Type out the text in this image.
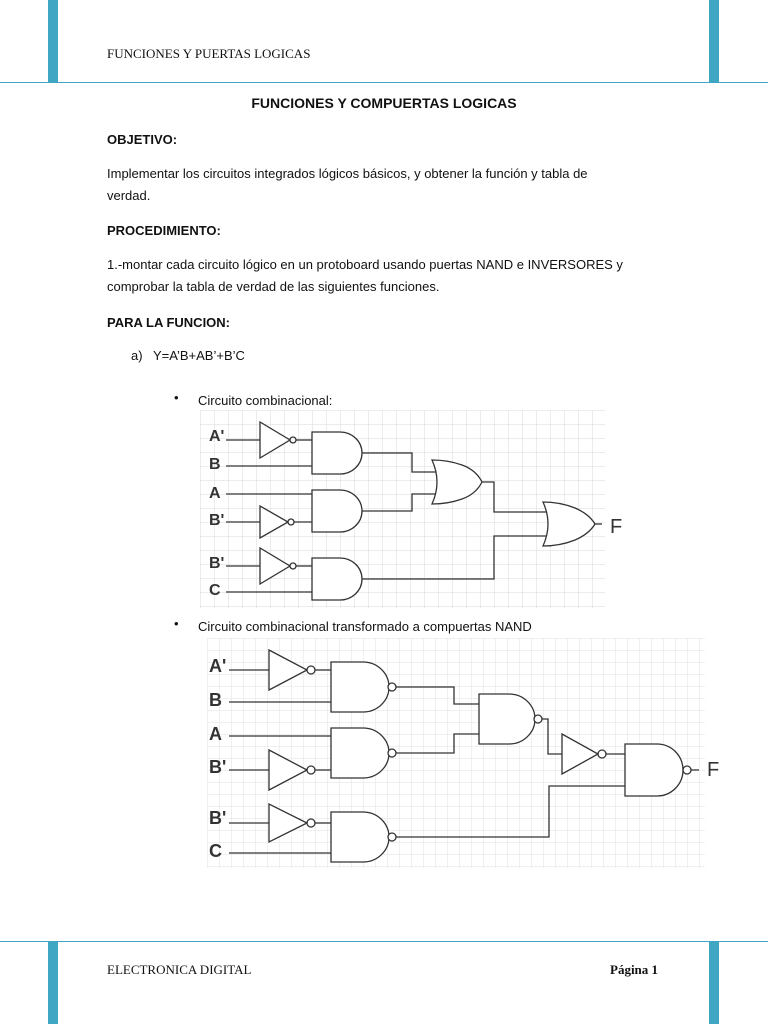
FUNCIONES Y PUERTAS LOGICAS
FUNCIONES Y COMPUERTAS LOGICAS
OBJETIVO:
Implementar los circuitos integrados lógicos básicos, y obtener la función y tabla de
verdad.
PROCEDIMIENTO:
1.-montar cada circuito lógico en un protoboard usando puertas NAND e INVERSORES y
comprobar la tabla de verdad de las siguientes funciones.
PARA LA FUNCION:
a) Y=A’B+AB’+B’C
• Circuito combinacional:
A'
B
A
B'
B'
C
F
• Circuito combinacional transformado a compuertas NAND
A'
B
A
B'
B'
C
F
ELECTRONICA DIGITAL	Página 1
